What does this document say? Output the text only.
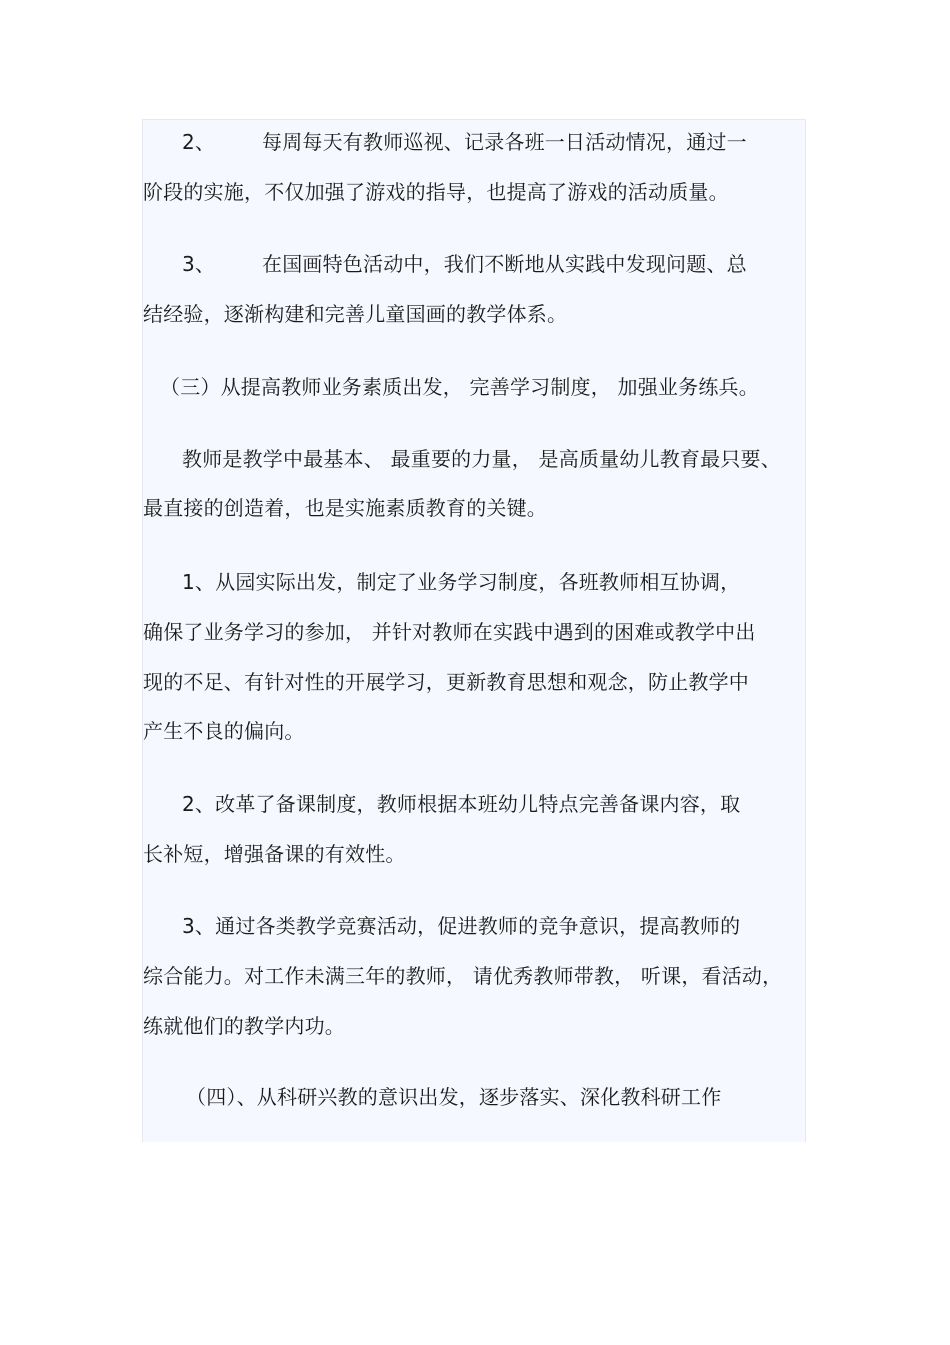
2、 每周每天有教师巡视、记录各班一日活动情况，通过一
阶段的实施，不仅加强了游戏的指导，也提高了游戏的活动质量。
3、 在国画特色活动中，我们不断地从实践中发现问题、总
结经验，逐渐构建和完善儿童国画的教学体系。
（三）从提高教师业务素质出发， 完善学习制度， 加强业务练兵。
教师是教学中最基本、 最重要的力量， 是高质量幼儿教育最只要、
最直接的创造着，也是实施素质教育的关键。
1、从园实际出发，制定了业务学习制度，各班教师相互协调，
确保了业务学习的参加， 并针对教师在实践中遇到的困难或教学中出
现的不足、有针对性的开展学习，更新教育思想和观念，防止教学中
产生不良的偏向。
2、改革了备课制度，教师根据本班幼儿特点完善备课内容，取
长补短，增强备课的有效性。
3、通过各类教学竞赛活动，促进教师的竞争意识，提高教师的
综合能力。对工作未满三年的教师， 请优秀教师带教， 听课，看活动，
练就他们的教学内功。
（四）、从科研兴教的意识出发，逐步落实、深化教科研工作
